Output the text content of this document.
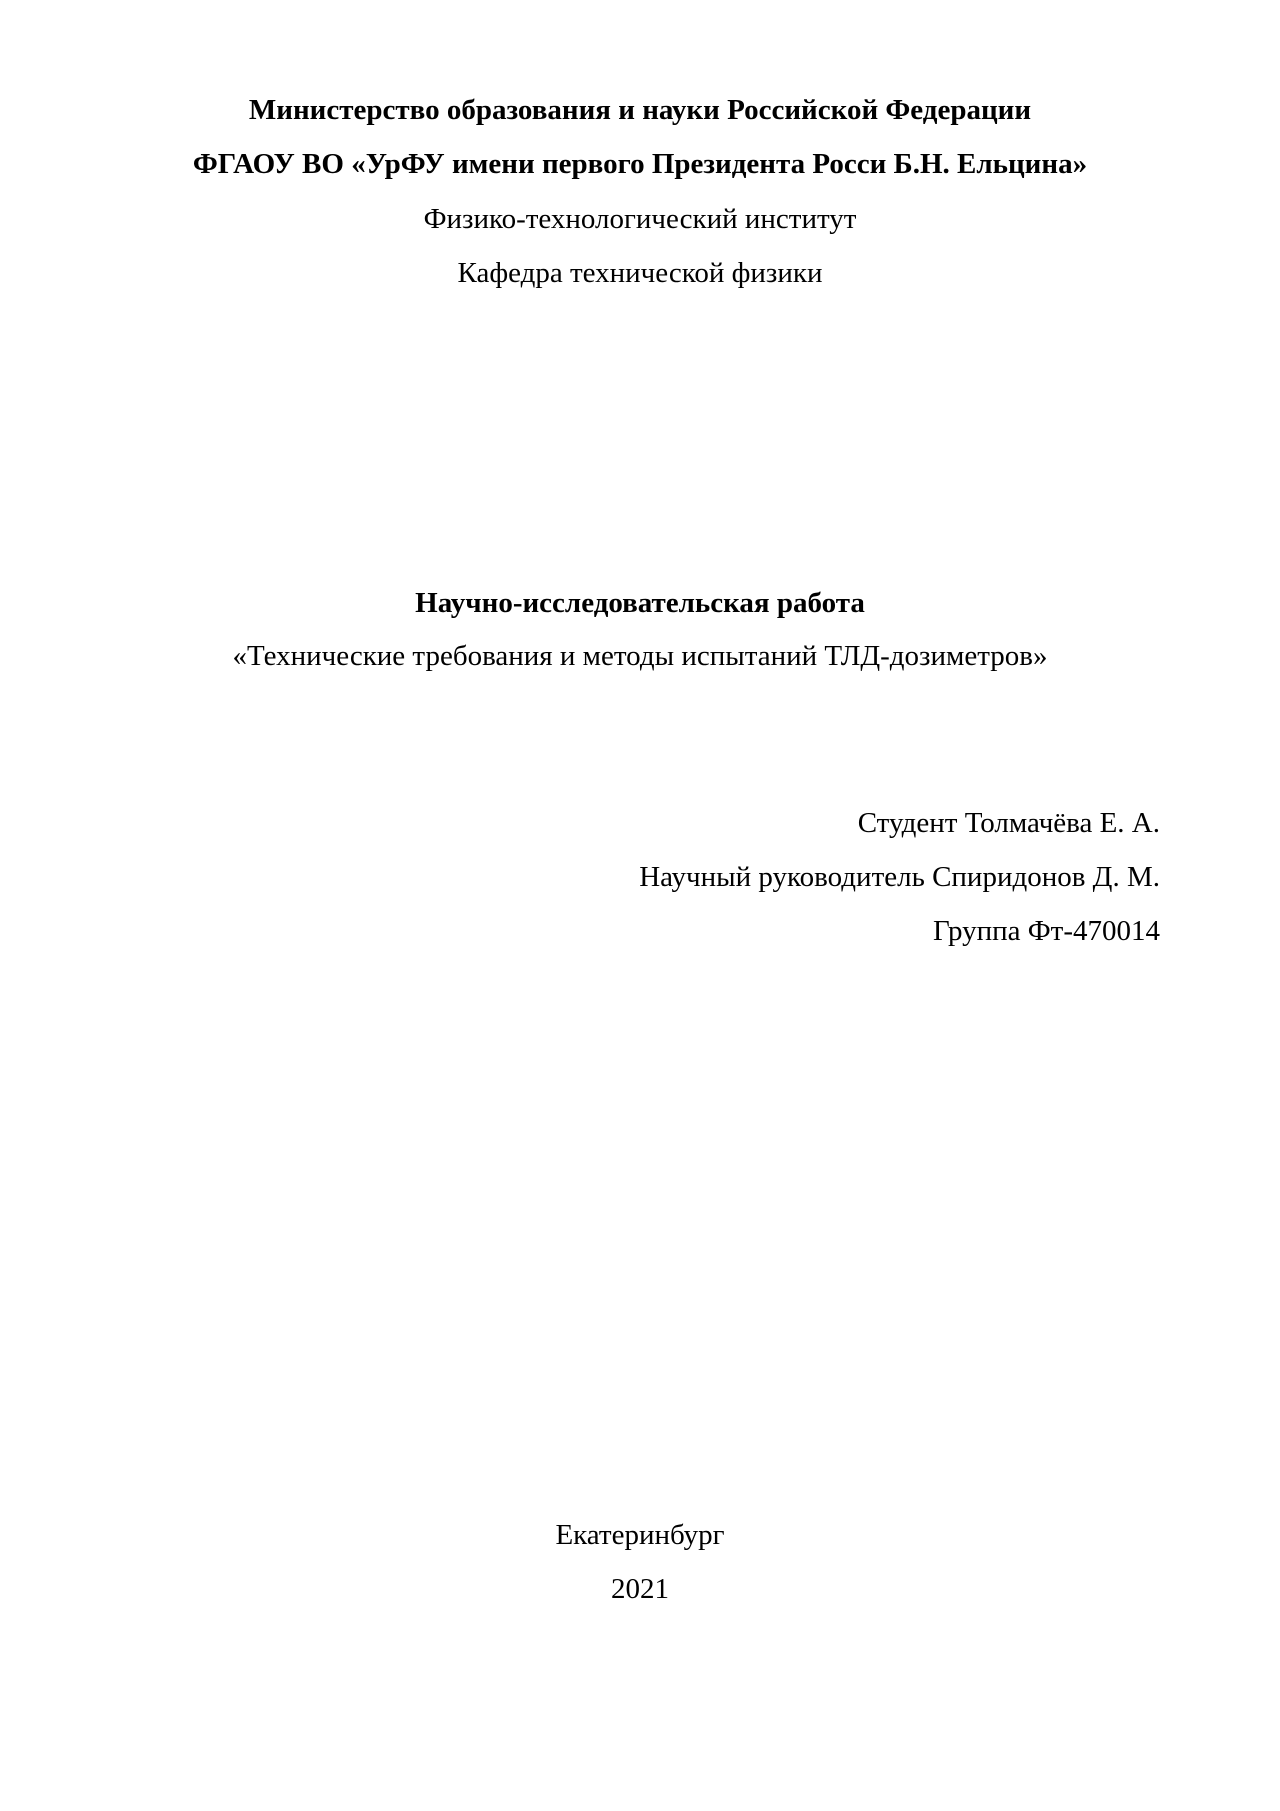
Министерство образования и науки Российской Федерации
ФГАОУ ВО «УрФУ имени первого Президента Росси Б.Н. Ельцина»
Физико-технологический институт
Кафедра технической физики
Научно-исследовательская работа
«Технические требования и методы испытаний ТЛД-дозиметров»
Студент Толмачёва Е. А.
Научный руководитель Спиридонов Д. М.
Группа Фт-470014
Екатеринбург
2021
